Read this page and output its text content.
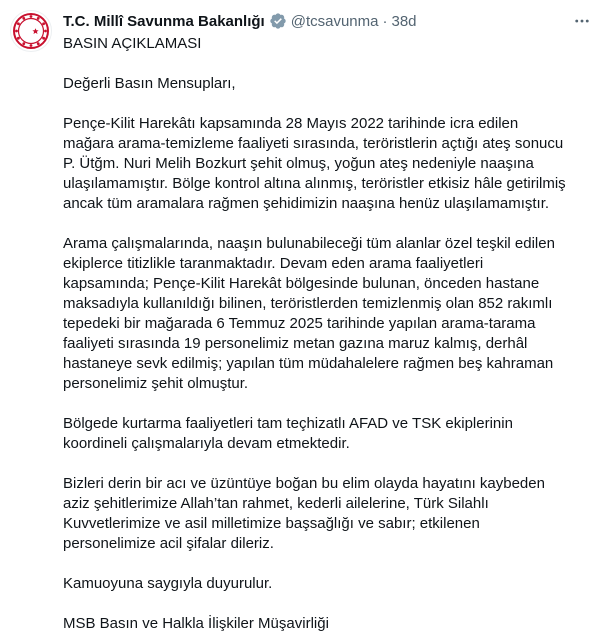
T.C. Millî Savunma Bakanlığı @tcsavunma · 38d

BASIN AÇIKLAMASI

Değerli Basın Mensupları,

Pençe-Kilit Harekâtı kapsamında 28 Mayıs 2022 tarihinde icra edilen

mağara arama-temizleme faaliyeti sırasında, teröristlerin açtığı ateş sonucu

P. Ütğm. Nuri Melih Bozkurt şehit olmuş, yoğun ateş nedeniyle naaşına

ulaşılamamıştır. Bölge kontrol altına alınmış, teröristler etkisiz hâle getirilmiş

ancak tüm aramalara rağmen şehidimizin naaşına henüz ulaşılamamıştır.

Arama çalışmalarında, naaşın bulunabileceği tüm alanlar özel teşkil edilen

ekiplerce titizlikle taranmaktadır. Devam eden arama faaliyetleri

kapsamında; Pençe-Kilit Harekât bölgesinde bulunan, önceden hastane

maksadıyla kullanıldığı bilinen, teröristlerden temizlenmiş olan 852 rakımlı

tepedeki bir mağarada 6 Temmuz 2025 tarihinde yapılan arama-tarama

faaliyeti sırasında 19 personelimiz metan gazına maruz kalmış, derhâl

hastaneye sevk edilmiş; yapılan tüm müdahalelere rağmen beş kahraman

personelimiz şehit olmuştur.

Bölgede kurtarma faaliyetleri tam teçhizatlı AFAD ve TSK ekiplerinin

koordineli çalışmalarıyla devam etmektedir.

Bizleri derin bir acı ve üzüntüye boğan bu elim olayda hayatını kaybeden

aziz şehitlerimize Allah’tan rahmet, kederli ailelerine, Türk Silahlı

Kuvvetlerimize ve asil milletimize başsağlığı ve sabır; etkilenen

personelimize acil şifalar dileriz.

Kamuoyuna saygıyla duyurulur.

MSB Basın ve Halkla İlişkiler Müşavirliği
